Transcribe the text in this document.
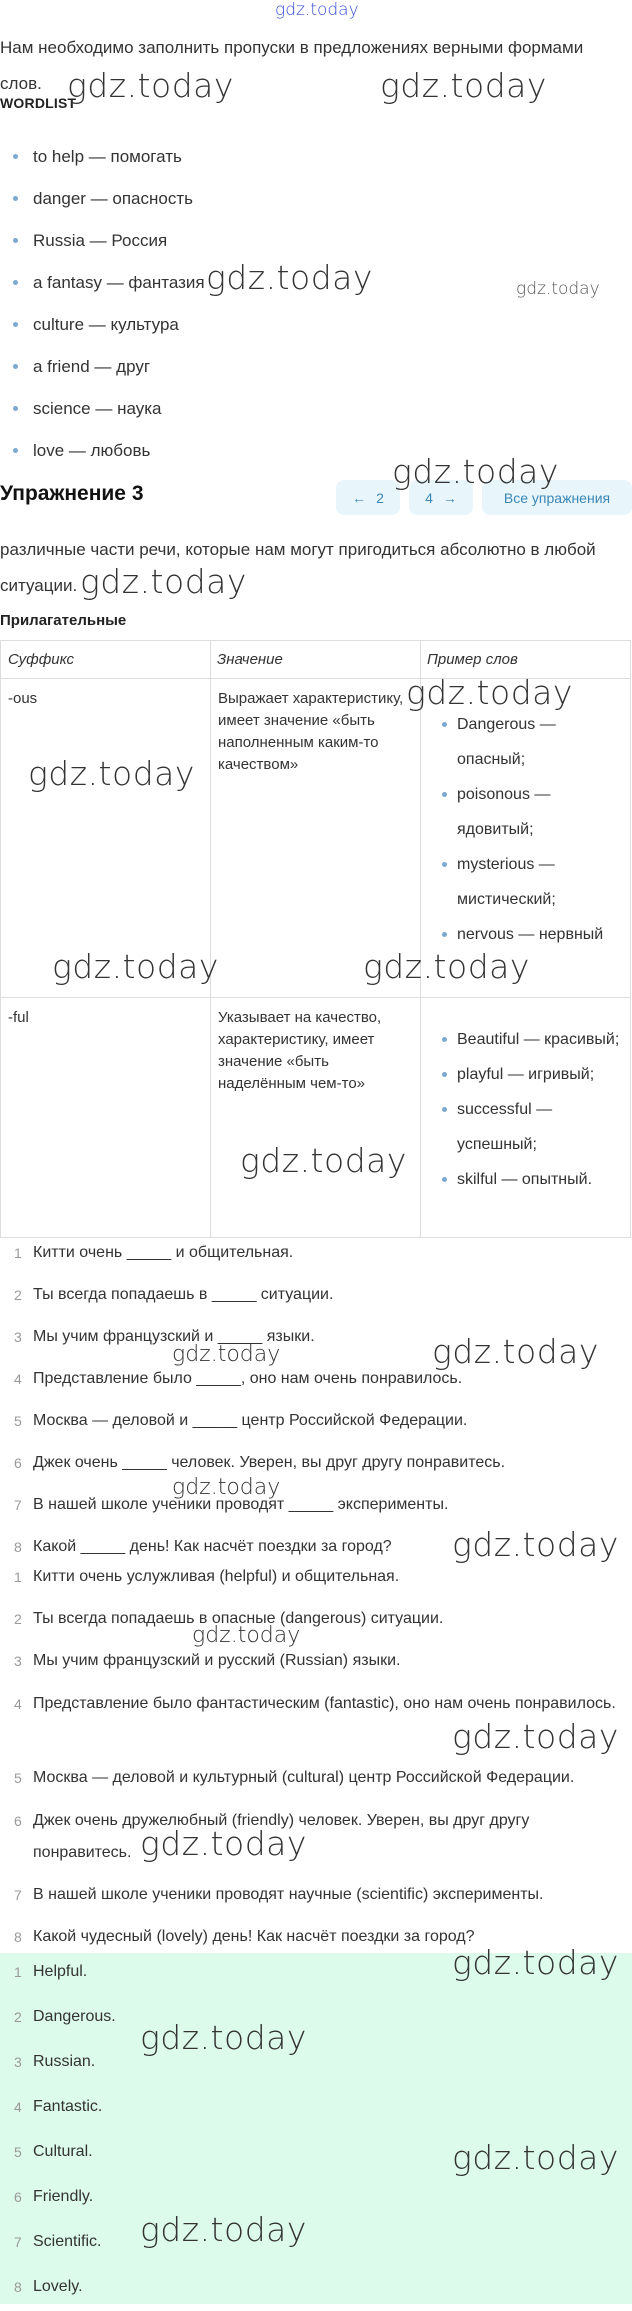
gdz.today
Нам необходимо заполнить пропуски в предложениях верными формами слов.
WORDLIST
to help — помогать
danger — опасность
Russia — Россия
a fantasy — фантазия
culture — культура
a friend — друг
science — наука
love — любовь
Упражнение 3	← 2	4 →	Все упражнения
различные части речи, которые нам могут пригодиться абсолютно в любой ситуации.
Прилагательные
Суффикс	Значение	Пример слов
-ous	Выражает характеристику, имеет значение «быть наполненным каким-то качеством»
Dangerous — опасный;
poisonous — ядовитый;
mysterious — мистический;
nervous — нервный
-ful	Указывает на качество, характеристику, имеет значение «быть наделённым чем-то»
Beautiful — красивый;
playful — игривый;
successful — успешный;
skilful — опытный.
1 Китти очень _____ и общительная.
2 Ты всегда попадаешь в _____ ситуации.
3 Мы учим французский и _____ языки.
4 Представление было _____, оно нам очень понравилось.
5 Москва — деловой и _____ центр Российской Федерации.
6 Джек очень _____ человек. Уверен, вы друг другу понравитесь.
7 В нашей школе ученики проводят _____ эксперименты.
8 Какой _____ день! Как насчёт поездки за город?
1 Китти очень услужливая (helpful) и общительная.
2 Ты всегда попадаешь в опасные (dangerous) ситуации.
3 Мы учим французский и русский (Russian) языки.
4 Представление было фантастическим (fantastic), оно нам очень понравилось.
5 Москва — деловой и культурный (cultural) центр Российской Федерации.
6 Джек очень дружелюбный (friendly) человек. Уверен, вы друг другу понравитесь.
7 В нашей школе ученики проводят научные (scientific) эксперименты.
8 Какой чудесный (lovely) день! Как насчёт поездки за город?
1 Helpful.
2 Dangerous.
3 Russian.
4 Fantastic.
5 Cultural.
6 Friendly.
7 Scientific.
8 Lovely.
gdz.today	gdz.today
gdz.today	gdz.today
gdz.today
gdz.today
gdz.today
gdz.today
gdz.today	gdz.today
gdz.today
gdz.today
gdz.today
gdz.today
gdz.today
gdz.today
gdz.today
gdz.today
gdz.today
gdz.today
gdz.today
gdz.today
